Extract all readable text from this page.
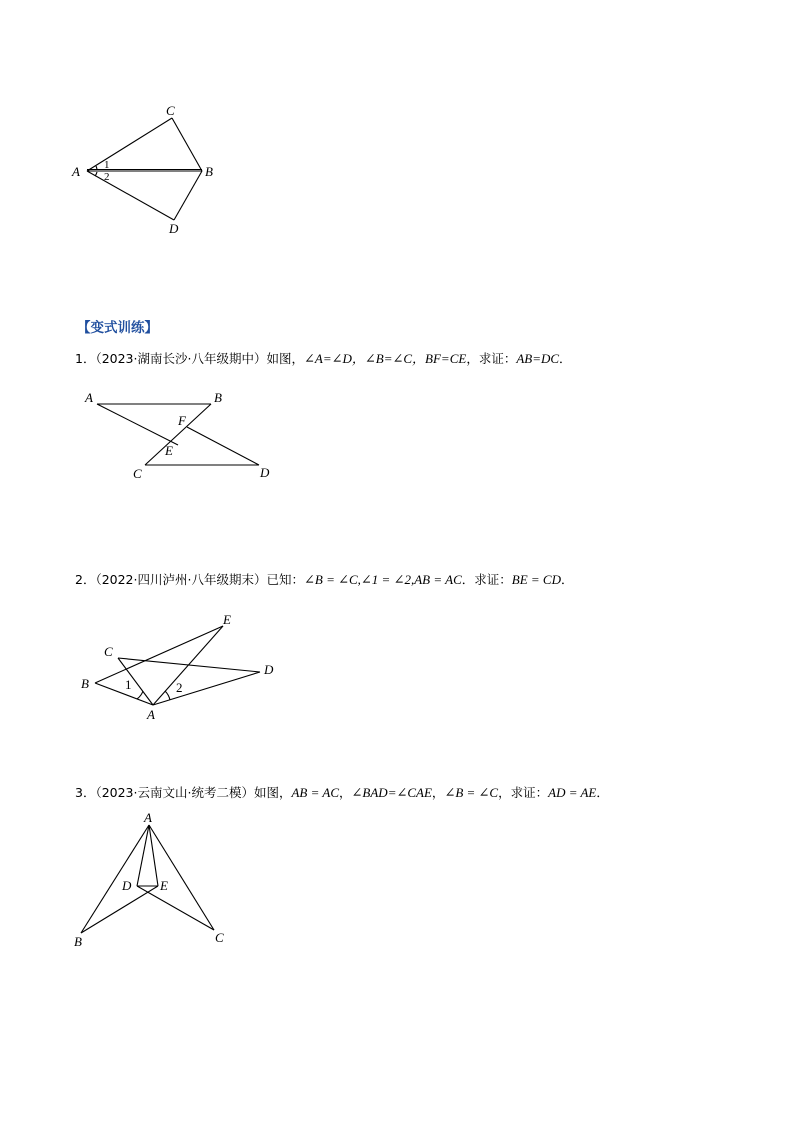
C
A	B
D
1
2
【变式训练】
1．（2023·湖南长沙·八年级期中）如图，∠A=∠D，∠B=∠C，BF=CE，求证：AB=DC．
A	B
F
E
C	D
2．（2022·四川泸州·八年级期末）已知：∠B = ∠C,∠1 = ∠2,AB = AC．求证：BE = CD．
E
C
D
B
A
1	2
3．（2023·云南文山·统考二模）如图，AB = AC，∠BAD=∠CAE，∠B = ∠C，求证：AD = AE．
A
D E
B	C
